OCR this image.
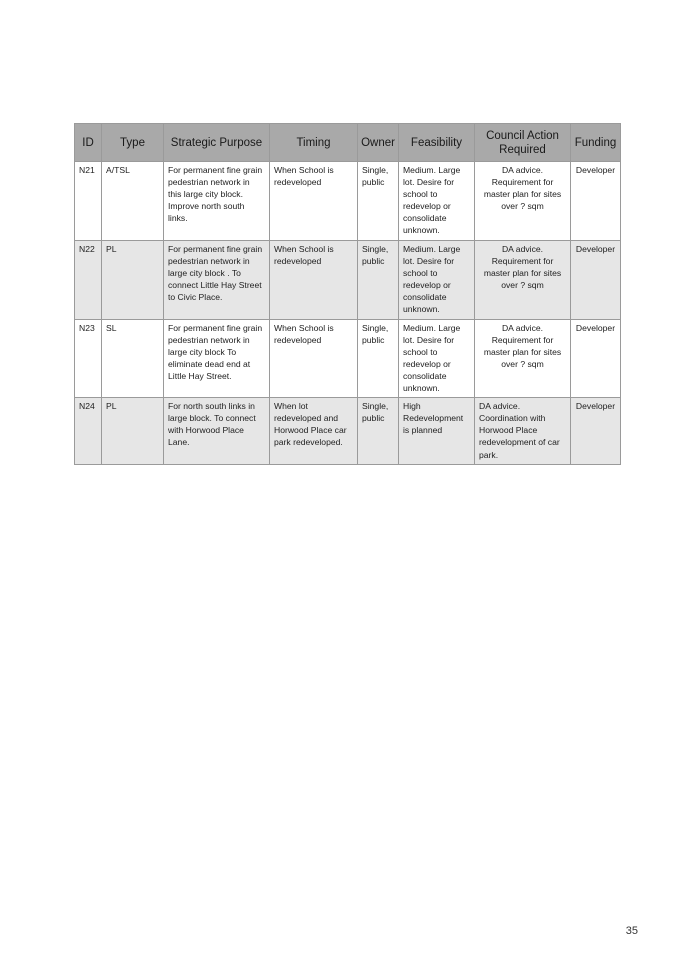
ID	Type	Strategic Purpose	Timing	Owner	Feasibility	Council Action Required	Funding
N21	A/TSL	For permanent fine grain pedestrian network in this large city block. Improve north south links.	When School is redeveloped	Single, public	Medium. Large lot. Desire for school to redevelop or consolidate unknown.	DA advice. Requirement for master plan for sites over ? sqm	Developer
N22	PL	For permanent fine grain pedestrian network in large city block . To connect Little Hay Street to Civic Place.	When School is redeveloped	Single, public	Medium. Large lot. Desire for school to redevelop or consolidate unknown.	DA advice. Requirement for master plan for sites over ? sqm	Developer
N23	SL	For permanent fine grain pedestrian network in large city block To eliminate dead end at Little Hay Street.	When School is redeveloped	Single, public	Medium. Large lot. Desire for school to redevelop or consolidate unknown.	DA advice. Requirement for master plan for sites over ? sqm	Developer
N24	PL	For north south links in large block. To connect with Horwood Place Lane.	When lot redeveloped and Horwood Place car park redeveloped.	Single, public	High Redevelopment is planned	DA advice. Coordination with Horwood Place redevelopment of car park.	Developer
35
